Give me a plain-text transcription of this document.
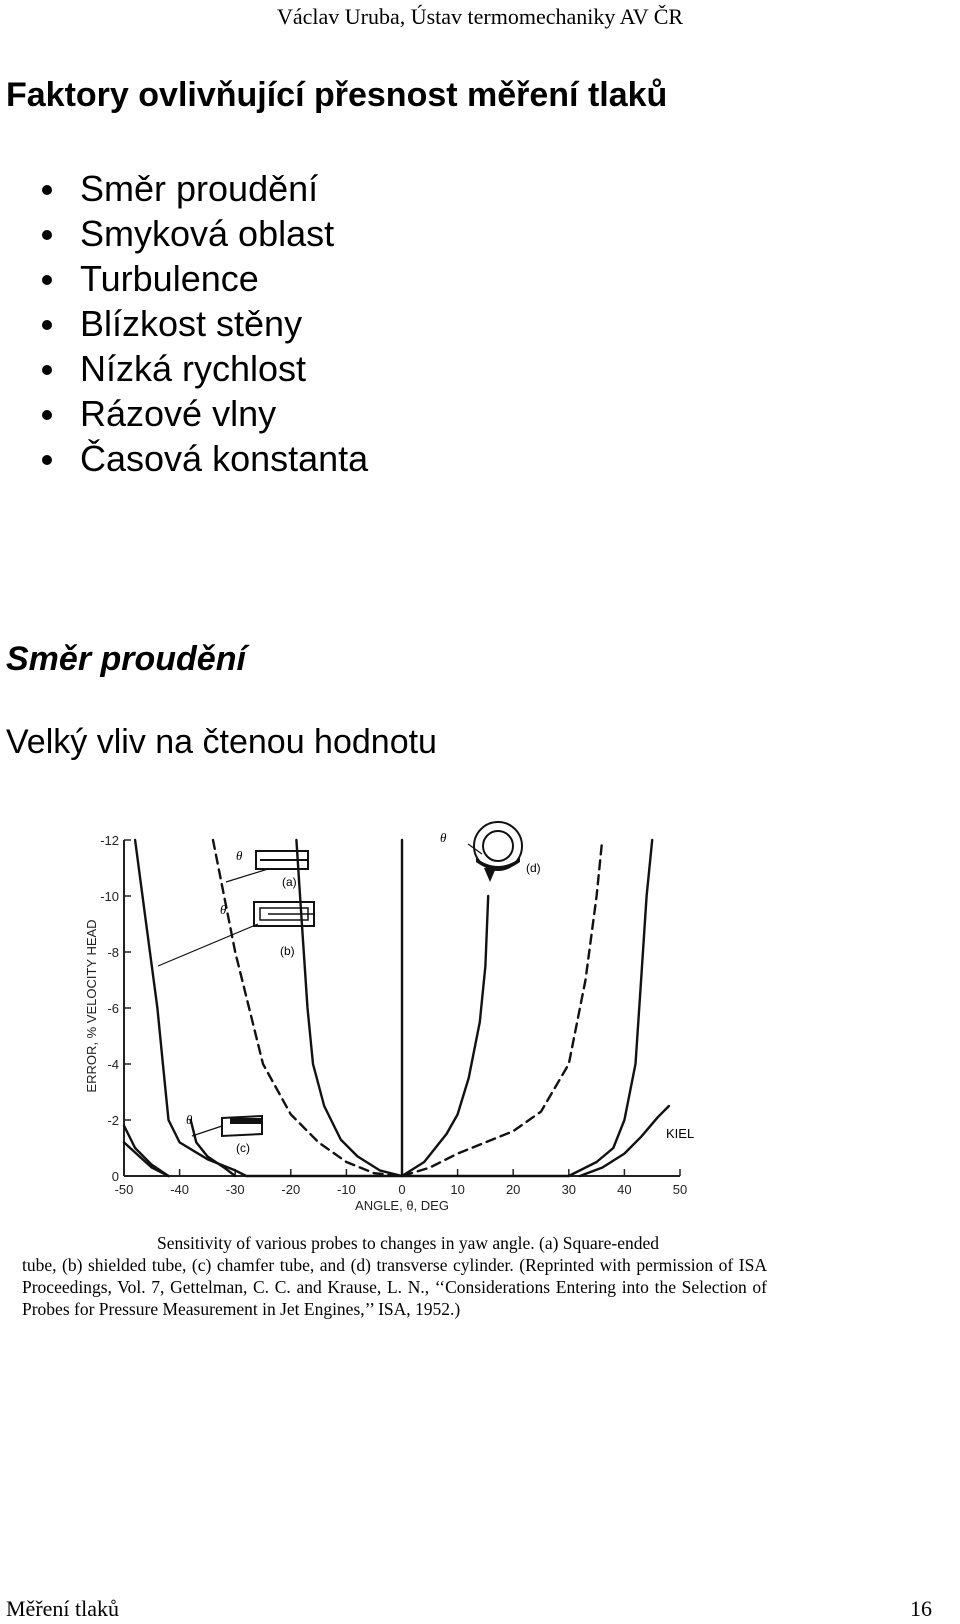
Václav Uruba, Ústav termomechaniky AV ČR
Faktory ovlivňující přesnost měření tlaků
Směr proudění
Smyková oblast
Turbulence
Blízkost stěny
Nízká rychlost
Rázové vlny
Časová konstanta
Směr proudění

Velký vliv na čtenou hodnotu

ERROR, % VELOCITY HEAD
ANGLE, θ, DEG
-50	-40	-30	-20	-10	0	10	20	30	40	50
0
-2
-4
-6
-8
-10
-12
θ
(a)
θ
(b)
θ
(c)
θ
(d)
KIEL
Sensitivity of various probes to changes in yaw angle. (a) Square-ended
tube, (b) shielded tube, (c) chamfer tube, and (d) transverse cylinder. (Reprinted with permission of ISA Proceedings, Vol. 7, Gettelman, C. C. and Krause, L. N., ‘‘Considerations Entering into the Selection of Probes for Pressure Measurement in Jet Engines,’’ ISA, 1952.)
Měření tlaků	16
